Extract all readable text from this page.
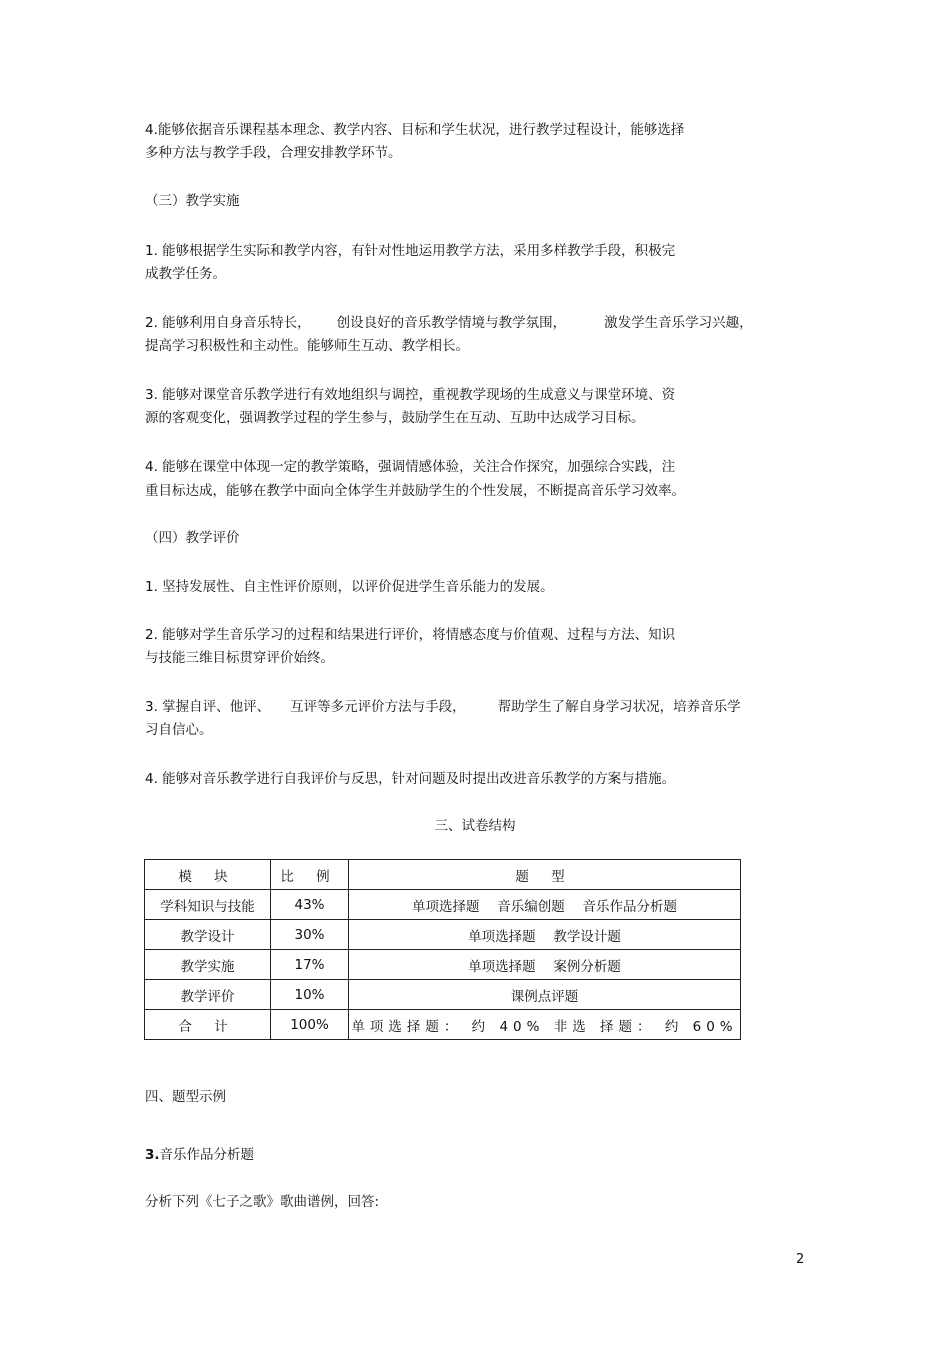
4.能够依据音乐课程基本理念、教学内容、目标和学生状况，进行教学过程设计，能够选择

多种方法与教学手段，合理安排教学环节。

（三）教学实施

1. 能够根据学生实际和教学内容，有针对性地运用教学方法，采用多样教学手段，积极完

成教学任务。

2. 能够利用自身音乐特长， 创设良好的音乐教学情境与教学氛围，	激发学生音乐学习兴趣，

提高学习积极性和主动性。能够师生互动、教学相长。

3. 能够对课堂音乐教学进行有效地组织与调控，重视教学现场的生成意义与课堂环境、资

源的客观变化，强调教学过程的学生参与，鼓励学生在互动、互助中达成学习目标。

4. 能够在课堂中体现一定的教学策略，强调情感体验，关注合作探究，加强综合实践，注

重目标达成，能够在教学中面向全体学生并鼓励学生的个性发展，不断提高音乐学习效率。

（四）教学评价

1. 坚持发展性、自主性评价原则，以评价促进学生音乐能力的发展。

2. 能够对学生音乐学习的过程和结果进行评价，将情感态度与价值观、过程与方法、知识

与技能三维目标贯穿评价始终。

3. 掌握自评、他评、 互评等多元评价方法与手段， 帮助学生了解自身学习状况，培养音乐学

习自信心。

4. 能够对音乐教学进行自我评价与反思，针对问题及时提出改进音乐教学的方案与措施。

三、试卷结构
模 块	比 例	题 型
学科知识与技能	43%	单项选择题　 音乐编创题　 音乐作品分析题
教学设计	30%	单项选择题　 教学设计题
教学实施	17%	单项选择题　 案例分析题
教学评价	10%	课例点评题
合 计	100%	单项选择题： 约 40% 非选 择题： 约 60%

四、题型示例

3.音乐作品分析题

分析下列《七子之歌》歌曲谱例，回答:

2
